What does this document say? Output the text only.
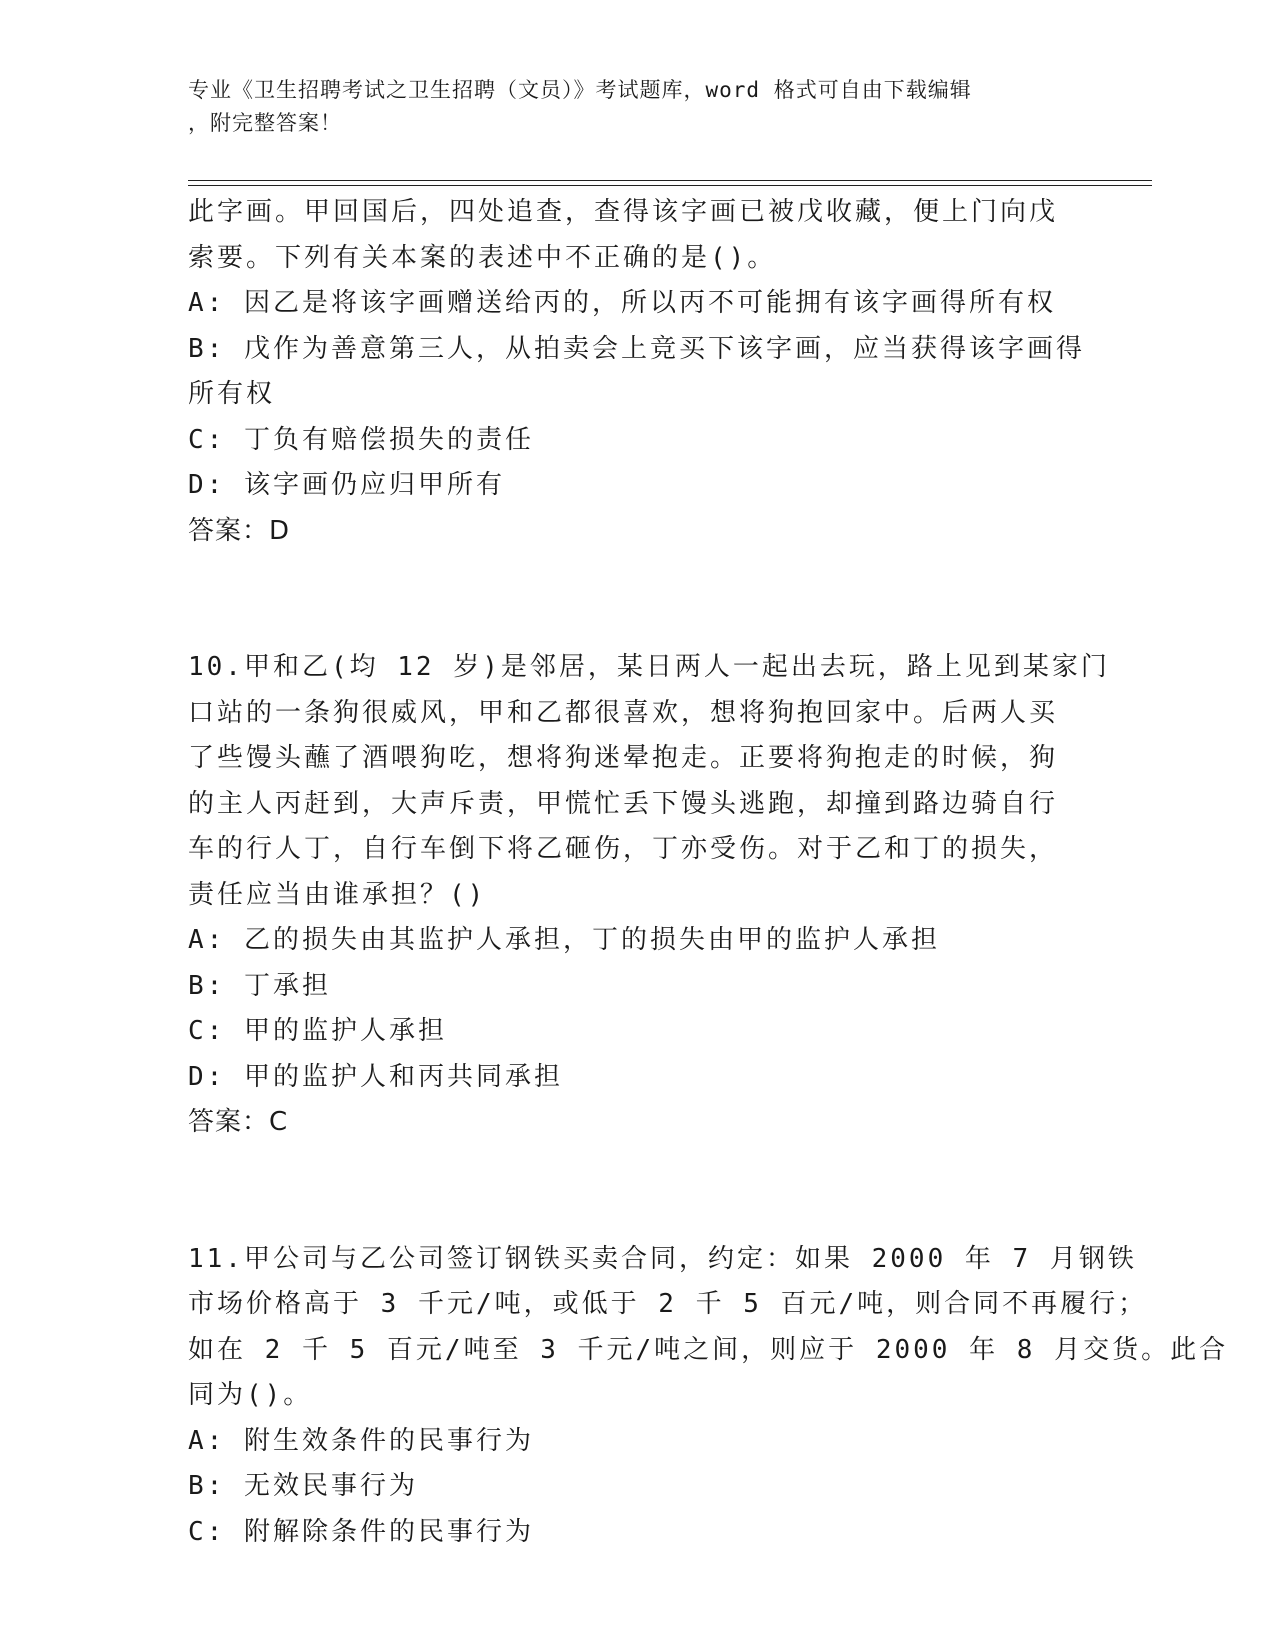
专业《卫生招聘考试之卫生招聘（文员）》考试题库，word 格式可自由下载编辑
，附完整答案！
此字画。甲回国后，四处追查，查得该字画已被戊收藏，便上门向戊
索要。下列有关本案的表述中不正确的是()。
A: 因乙是将该字画赠送给丙的，所以丙不可能拥有该字画得所有权
B: 戊作为善意第三人，从拍卖会上竞买下该字画，应当获得该字画得
所有权
C: 丁负有赔偿损失的责任
D: 该字画仍应归甲所有
答案：D
10.甲和乙(均 12 岁)是邻居，某日两人一起出去玩，路上见到某家门
口站的一条狗很威风，甲和乙都很喜欢，想将狗抱回家中。后两人买
了些馒头蘸了酒喂狗吃，想将狗迷晕抱走。正要将狗抱走的时候，狗
的主人丙赶到，大声斥责，甲慌忙丢下馒头逃跑，却撞到路边骑自行
车的行人丁，自行车倒下将乙砸伤，丁亦受伤。对于乙和丁的损失，
责任应当由谁承担？()
A: 乙的损失由其监护人承担，丁的损失由甲的监护人承担
B: 丁承担
C: 甲的监护人承担
D: 甲的监护人和丙共同承担
答案：C
11.甲公司与乙公司签订钢铁买卖合同，约定：如果 2000 年 7 月钢铁
市场价格高于 3 千元/吨，或低于 2 千 5 百元/吨，则合同不再履行；
如在 2 千 5 百元/吨至 3 千元/吨之间，则应于 2000 年 8 月交货。此合
同为()。
A: 附生效条件的民事行为
B: 无效民事行为
C: 附解除条件的民事行为
